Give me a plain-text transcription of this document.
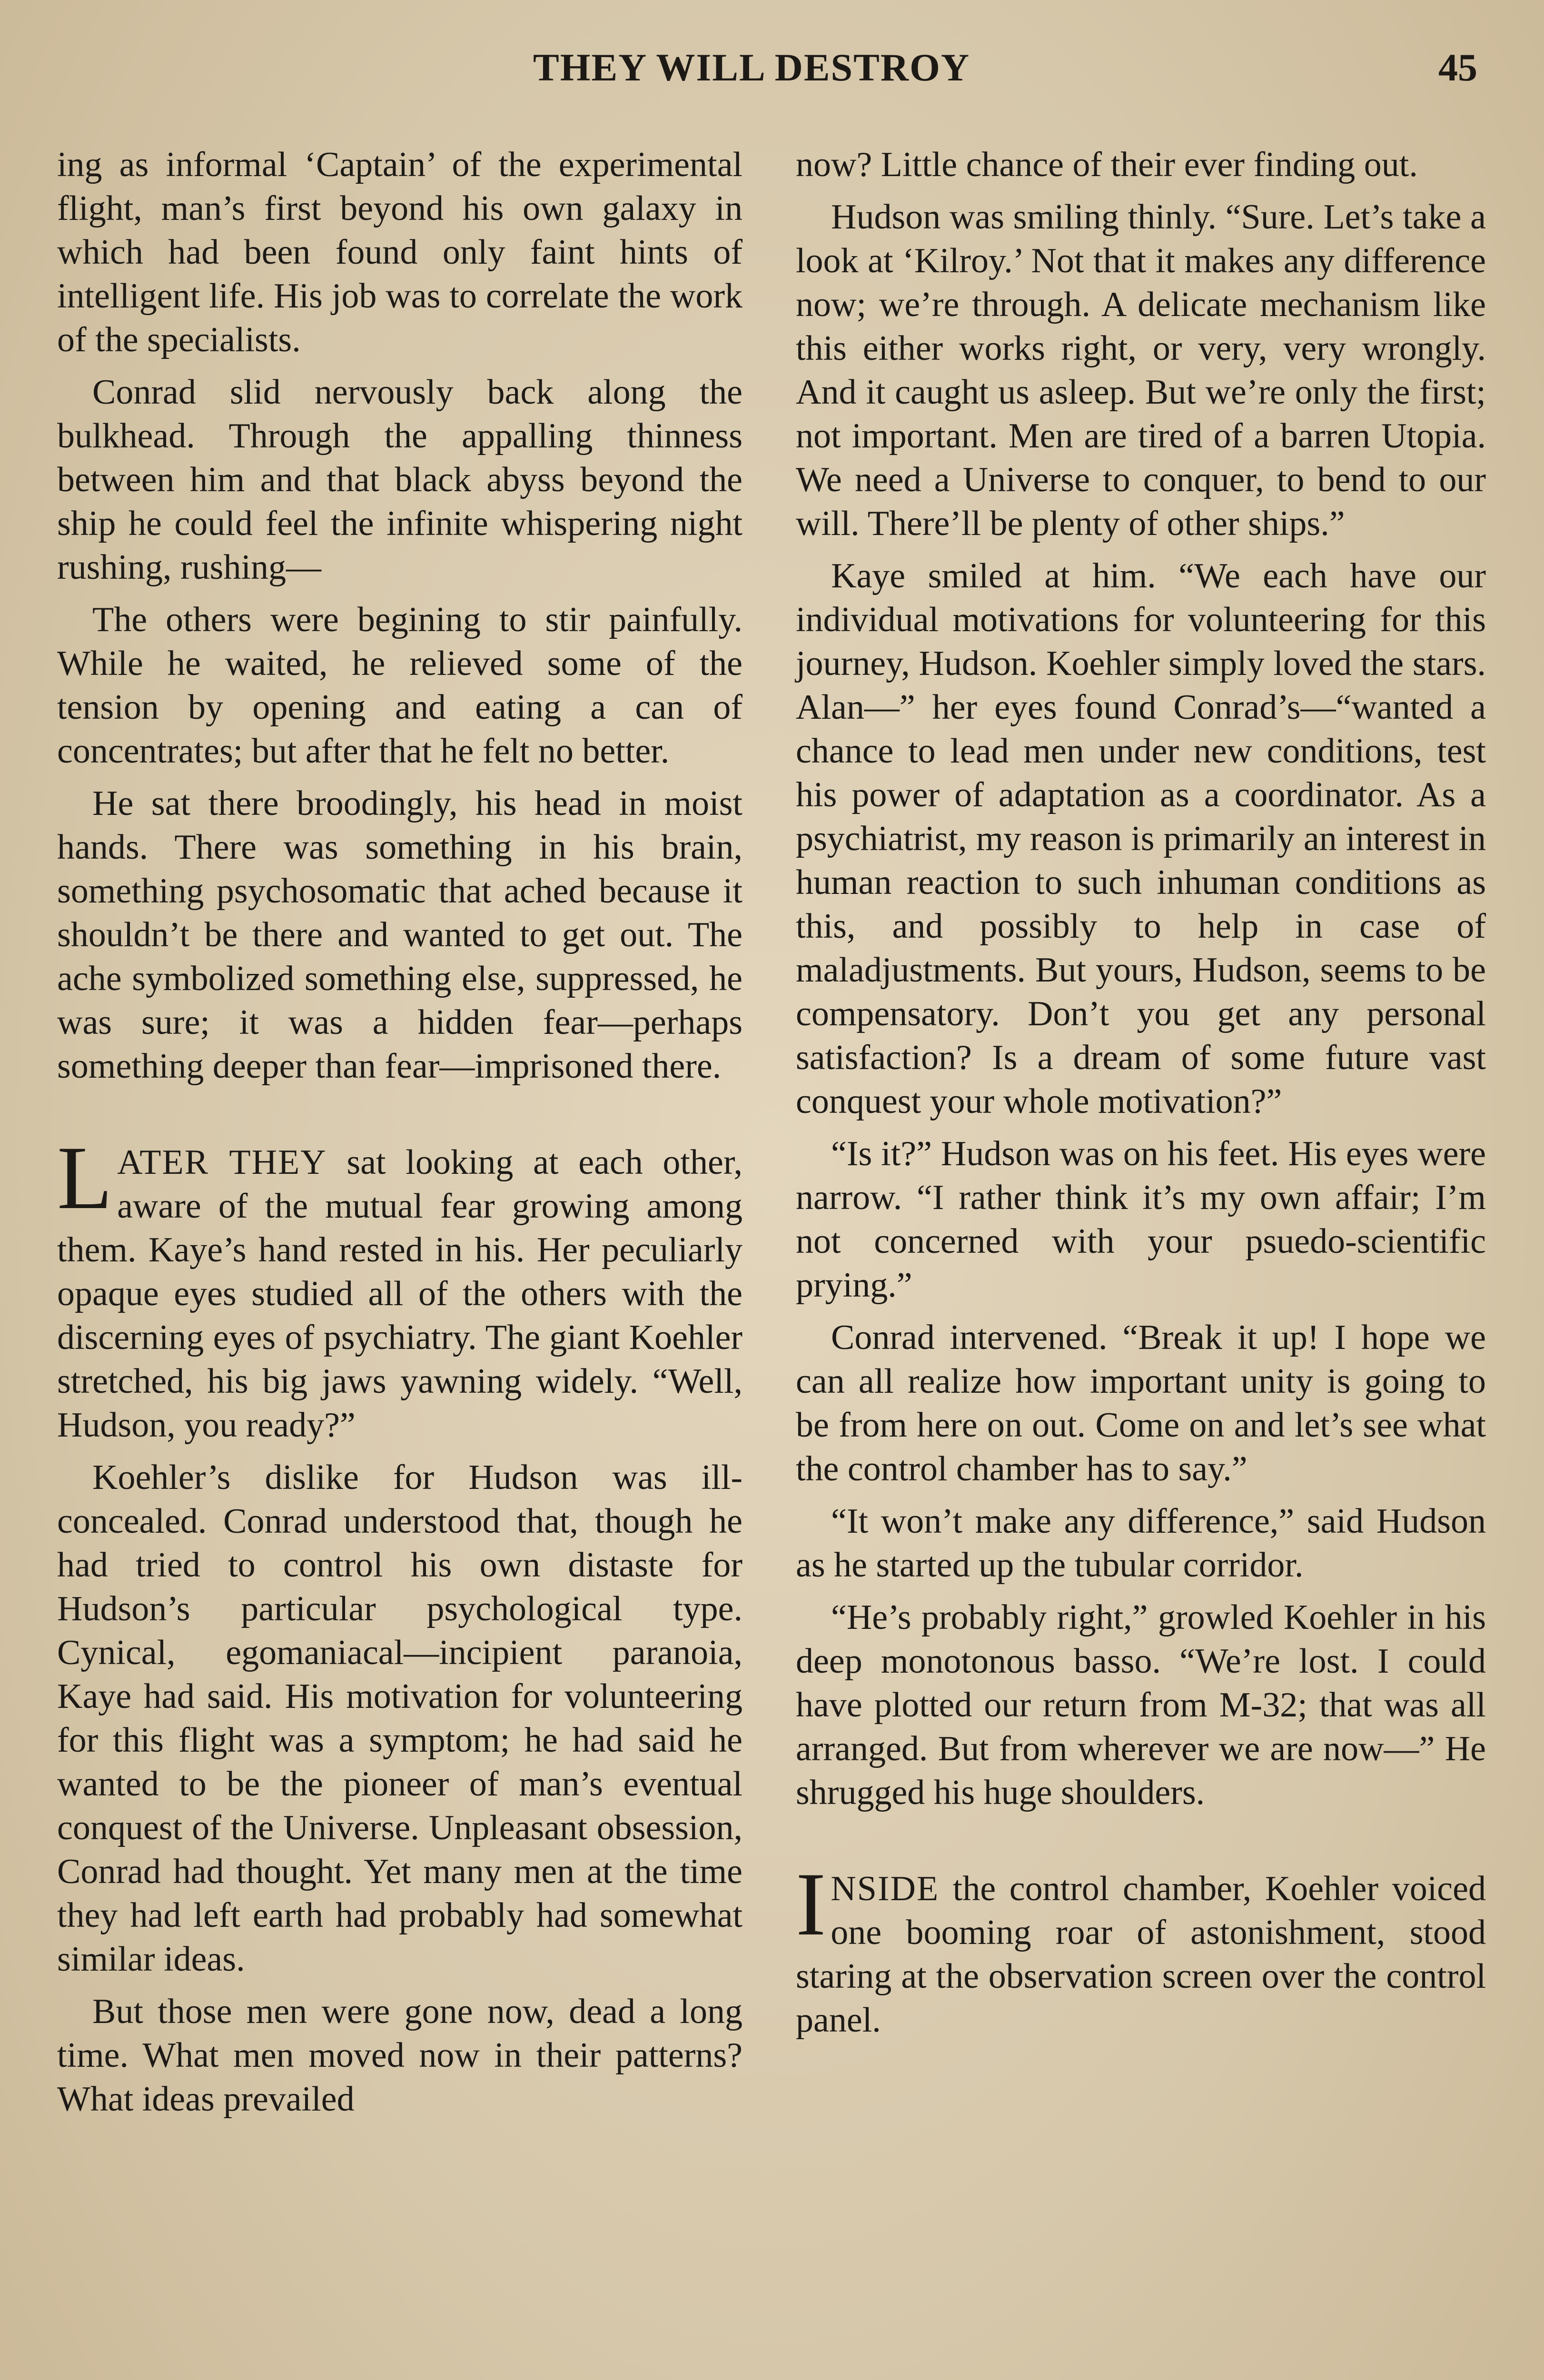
THEY WILL DESTROY	45

ing as informal ‘Captain’ of the experimental flight, man’s first beyond his own galaxy in which had been found only faint hints of intelligent life. His job was to correlate the work of the specialists.

Conrad slid nervously back along the bulkhead. Through the appalling thinness between him and that black abyss beyond the ship he could feel the infinite whispering night rushing, rushing—

The others were begining to stir painfully. While he waited, he relieved some of the tension by opening and eating a can of concentrates; but after that he felt no better.

He sat there broodingly, his head in moist hands. There was something in his brain, something psychosomatic that ached because it shouldn’t be there and wanted to get out. The ache symbolized something else, suppressed, he was sure; it was a hidden fear—perhaps something deeper than fear—imprisoned there.

LATER THEY sat looking at each other, aware of the mutual fear growing among them. Kaye’s hand rested in his. Her peculiarly opaque eyes studied all of the others with the discerning eyes of psychiatry. The giant Koehler stretched, his big jaws yawning widely. “Well, Hudson, you ready?”

Koehler’s dislike for Hudson was ill-concealed. Conrad understood that, though he had tried to control his own distaste for Hudson’s particular psychological type. Cynical, egomaniacal—incipient paranoia, Kaye had said. His motivation for volunteering for this flight was a symptom; he had said he wanted to be the pioneer of man’s eventual conquest of the Universe. Unpleasant obsession, Conrad had thought. Yet many men at the time they had left earth had probably had somewhat similar ideas.

But those men were gone now, dead a long time. What men moved now in their patterns? What ideas prevailed

now? Little chance of their ever finding out.

Hudson was smiling thinly. “Sure. Let’s take a look at ‘Kilroy.’ Not that it makes any difference now; we’re through. A delicate mechanism like this either works right, or very, very wrongly. And it caught us asleep. But we’re only the first; not important. Men are tired of a barren Utopia. We need a Universe to conquer, to bend to our will. There’ll be plenty of other ships.”

Kaye smiled at him. “We each have our individual motivations for volunteering for this journey, Hudson. Koehler simply loved the stars. Alan—” her eyes found Conrad’s—“wanted a chance to lead men under new conditions, test his power of adaptation as a coordinator. As a psychiatrist, my reason is primarily an interest in human reaction to such inhuman conditions as this, and possibly to help in case of maladjustments. But yours, Hudson, seems to be compensatory. Don’t you get any personal satisfaction? Is a dream of some future vast conquest your whole motivation?”

“Is it?” Hudson was on his feet. His eyes were narrow. “I rather think it’s my own affair; I’m not concerned with your psuedo-scientific prying.”

Conrad intervened. “Break it up! I hope we can all realize how important unity is going to be from here on out. Come on and let’s see what the control chamber has to say.”

“It won’t make any difference,” said Hudson as he started up the tubular corridor.

“He’s probably right,” growled Koehler in his deep monotonous basso. “We’re lost. I could have plotted our return from M-32; that was all arranged. But from wherever we are now—” He shrugged his huge shoulders.

INSIDE the control chamber, Koehler voiced one booming roar of astonishment, stood staring at the observation screen over the control panel.
